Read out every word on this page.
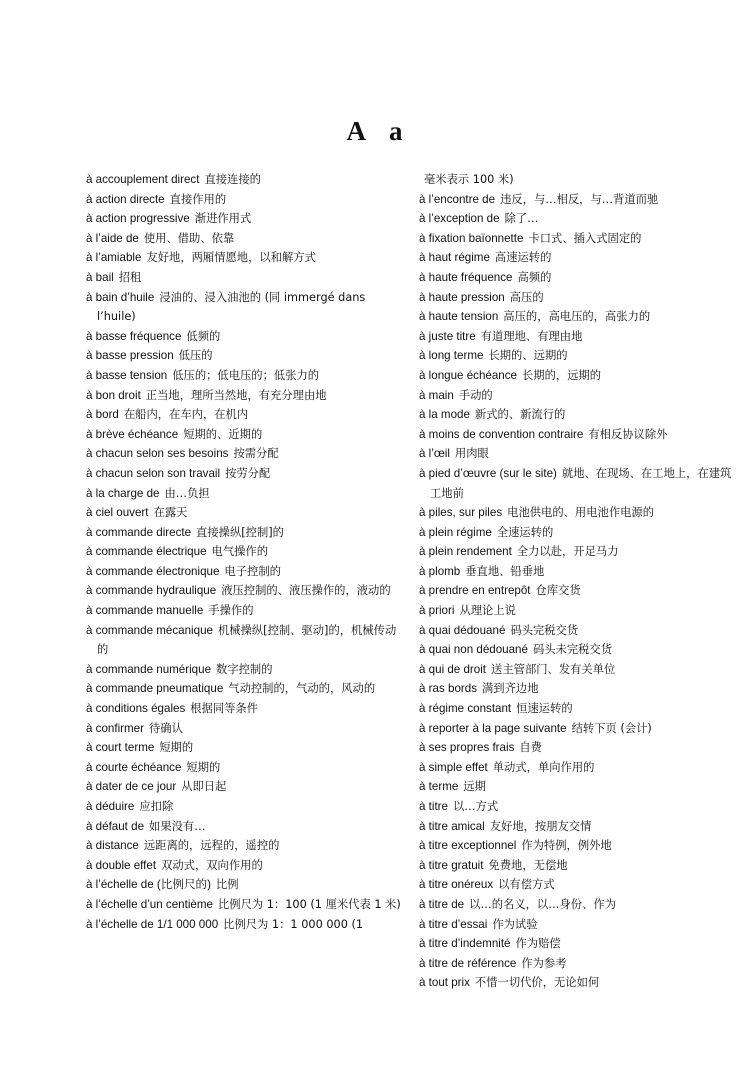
A a

à accouplement direct 直接连接的

à action directe 直接作用的

à action progressive 渐进作用式

à l’aide de 使用、借助、依靠

à l’amiable 友好地，两厢情愿地，以和解方式

à bail 招租

à bain d’huile 浸油的、浸入油池的 (同 immergé dans l’huile)

à basse fréquence 低频的

à basse pression 低压的

à basse tension 低压的；低电压的；低张力的

à bon droit 正当地，理所当然地，有充分理由地

à bord 在船内，在车内，在机内

à brève échéance 短期的、近期的

à chacun selon ses besoins 按需分配

à chacun selon son travail 按劳分配

à la charge de 由…负担

à ciel ouvert 在露天

à commande directe 直接操纵[控制]的

à commande électrique 电气操作的

à commande électronique 电子控制的

à commande hydraulique 液压控制的、液压操作的，液动的

à commande manuelle 手操作的

à commande mécanique 机械操纵[控制、驱动]的，机械传动的

à commande numérique 数字控制的

à commande pneumatique 气动控制的，气动的，风动的

à conditions égales 根据同等条件

à confirmer 待确认

à court terme 短期的

à courte échéance 短期的

à dater de ce jour 从即日起

à déduire 应扣除

à défaut de 如果没有…

à distance 远距离的，远程的，遥控的

à double effet 双动式，双向作用的

à l’échelle de (比例尺的) 比例

à l’échelle d’un centième 比例尺为 1：100 (1 厘米代表 1 米)

à l’échelle de 1/1 000 000 比例尺为 1：1 000 000 (1

毫米表示 100 米)

à l’encontre de 违反，与…相反，与…背道而驰

à l’exception de 除了…

à fixation baïonnette 卡口式、插入式固定的

à haut régime 高速运转的

à haute fréquence 高频的

à haute pression 高压的

à haute tension 高压的，高电压的，高张力的

à juste titre 有道理地、有理由地

à long terme 长期的、远期的

à longue échéance 长期的，远期的

à main 手动的

à la mode 新式的、新流行的

à moins de convention contraire 有相反协议除外

à l’œil 用肉眼

à pied d’œuvre (sur le site) 就地、在现场、在工地上，在建筑工地前

à piles, sur piles 电池供电的、用电池作电源的

à plein régime 全速运转的

à plein rendement 全力以赴，开足马力

à plomb 垂直地、铅垂地

à prendre en entrepôt 仓库交货

à priori 从理论上说

à quai dédouané 码头完税交货

à quai non dédouané 码头未完税交货

à qui de droit 送主管部门、发有关单位

à ras bords 满到齐边地

à régime constant 恒速运转的

à reporter à la page suivante 结转下页 (会计)

à ses propres frais 自费

à simple effet 单动式，单向作用的

à terme 远期

à titre 以…方式

à titre amical 友好地，按朋友交情

à titre exceptionnel 作为特例，例外地

à titre gratuit 免费地，无偿地

à titre onéreux 以有偿方式

à titre de 以…的名义，以…身份、作为

à titre d’essai 作为试验

à titre d’indemnité 作为赔偿

à titre de référence 作为参考

à tout prix 不惜一切代价，无论如何
